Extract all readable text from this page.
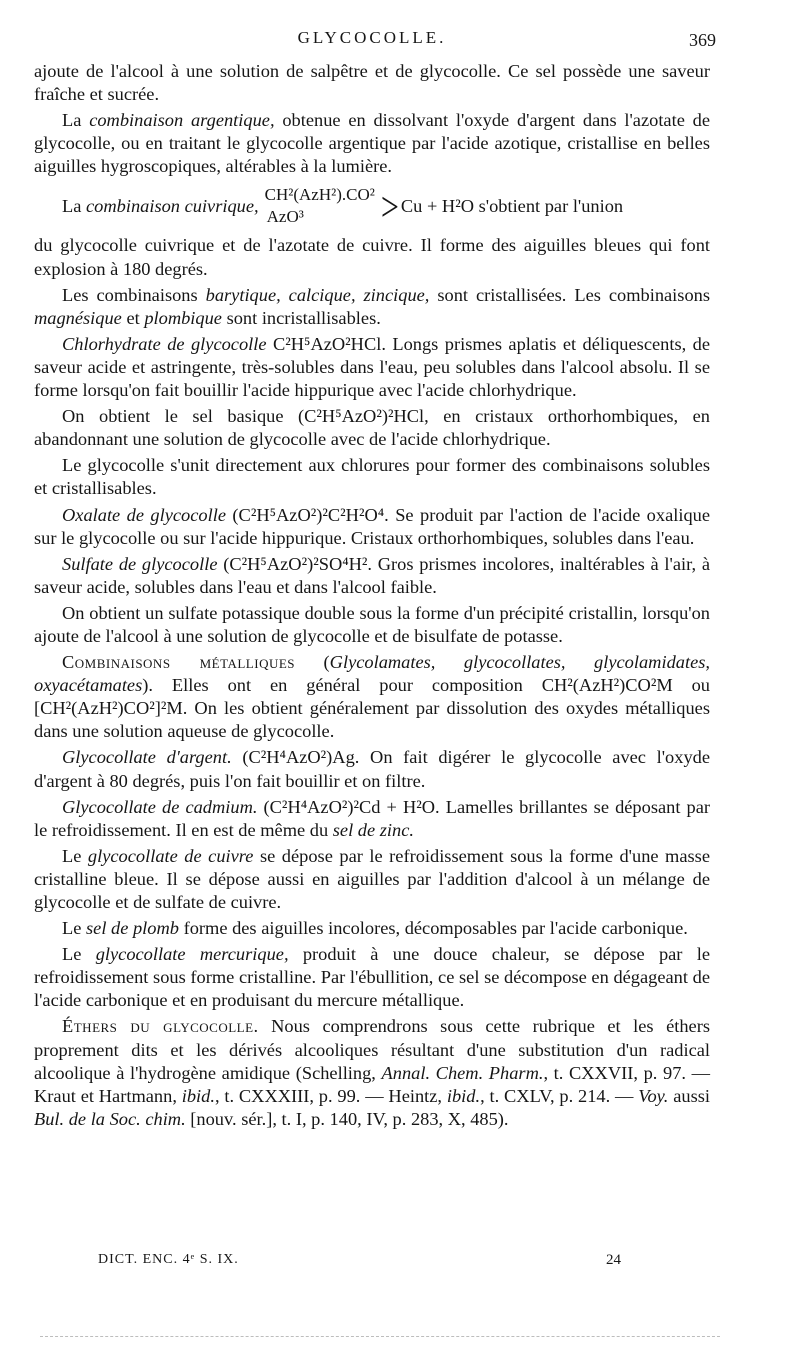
GLYCOCOLLE.	369

ajoute de l'alcool à une solution de salpêtre et de glycocolle. Ce sel possède une saveur fraîche et sucrée.

La combinaison argentique, obtenue en dissolvant l'oxyde d'argent dans l'azotate de glycocolle, ou en traitant le glycocolle argentique par l'acide azotique, cristallise en belles aiguilles hygroscopiques, altérables à la lumière.

La combinaison cuivrique,
CH²(AzH²).CO²
AzO³	> Cu + H²O s'obtient par l'union

du glycocolle cuivrique et de l'azotate de cuivre. Il forme des aiguilles bleues qui font explosion à 180 degrés.

Les combinaisons barytique, calcique, zincique, sont cristallisées. Les combinaisons magnésique et plombique sont incristallisables.

Chlorhydrate de glycocolle C²H⁵AzO²HCl. Longs prismes aplatis et déliquescents, de saveur acide et astringente, très-solubles dans l'eau, peu solubles dans l'alcool absolu. Il se forme lorsqu'on fait bouillir l'acide hippurique avec l'acide chlorhydrique.

On obtient le sel basique (C²H⁵AzO²)²HCl, en cristaux orthorhombiques, en abandonnant une solution de glycocolle avec de l'acide chlorhydrique.

Le glycocolle s'unit directement aux chlorures pour former des combinaisons solubles et cristallisables.

Oxalate de glycocolle (C²H⁵AzO²)²C²H²O⁴. Se produit par l'action de l'acide oxalique sur le glycocolle ou sur l'acide hippurique. Cristaux orthorhombiques, solubles dans l'eau.

Sulfate de glycocolle (C²H⁵AzO²)²SO⁴H². Gros prismes incolores, inaltérables à l'air, à saveur acide, solubles dans l'eau et dans l'alcool faible.

On obtient un sulfate potassique double sous la forme d'un précipité cristallin, lorsqu'on ajoute de l'alcool à une solution de glycocolle et de bisulfate de potasse.

Combinaisons métalliques (Glycolamates, glycocollates, glycolamidates, oxyacétamates). Elles ont en général pour composition CH²(AzH²)CO²M ou [CH²(AzH²)CO²]²M. On les obtient généralement par dissolution des oxydes métalliques dans une solution aqueuse de glycocolle.

Glycocollate d'argent. (C²H⁴AzO²)Ag. On fait digérer le glycocolle avec l'oxyde d'argent à 80 degrés, puis l'on fait bouillir et on filtre.

Glycocollate de cadmium. (C²H⁴AzO²)²Cd + H²O. Lamelles brillantes se déposant par le refroidissement. Il en est de même du sel de zinc.

Le glycocollate de cuivre se dépose par le refroidissement sous la forme d'une masse cristalline bleue. Il se dépose aussi en aiguilles par l'addition d'alcool à un mélange de glycocolle et de sulfate de cuivre.

Le sel de plomb forme des aiguilles incolores, décomposables par l'acide carbonique.

Le glycocollate mercurique, produit à une douce chaleur, se dépose par le refroidissement sous forme cristalline. Par l'ébullition, ce sel se décompose en dégageant de l'acide carbonique et en produisant du mercure métallique.

Éthers du glycocolle. Nous comprendrons sous cette rubrique et les éthers proprement dits et les dérivés alcooliques résultant d'une substitution d'un radical alcoolique à l'hydrogène amidique (Schelling, Annal. Chem. Pharm., t. CXXVII, p. 97. — Kraut et Hartmann, ibid., t. CXXXIII, p. 99. — Heintz, ibid., t. CXLV, p. 214. — Voy. aussi Bul. de la Soc. chim. [nouv. sér.], t. I, p. 140, IV, p. 283, X, 485).

DICT. ENC. 4ᵉ S. IX.	24
